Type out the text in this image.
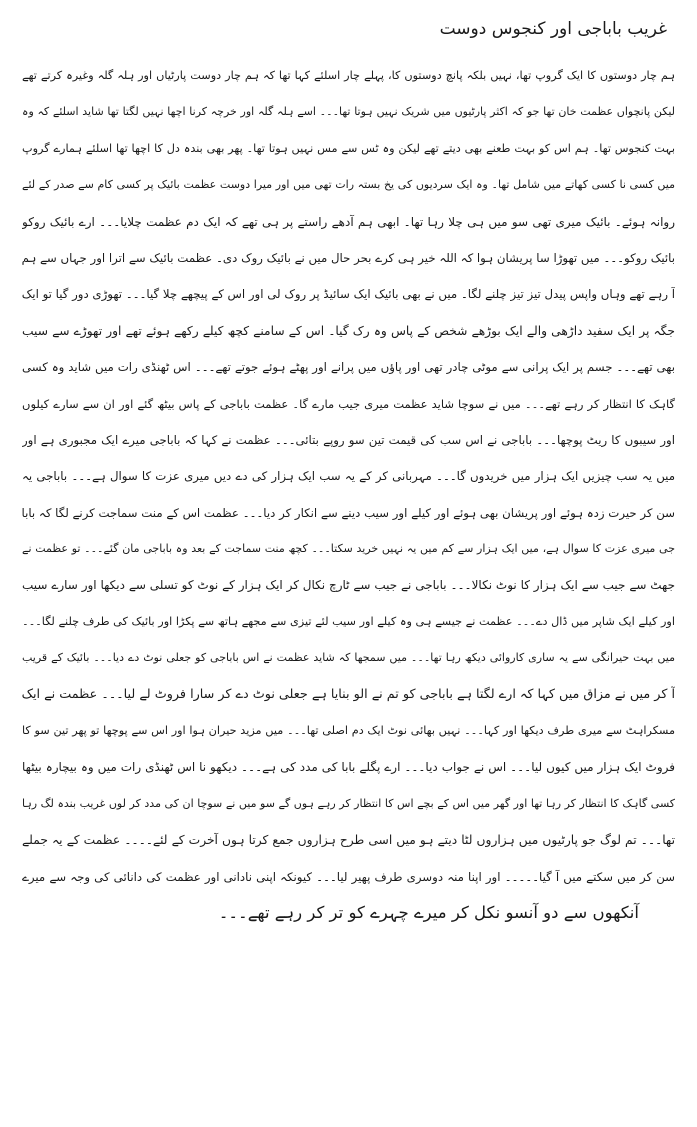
غریب باباجی اور کنجوس دوست
ہم چار دوستوں کا ایک گروپ تھا، نہیں بلکہ پانچ دوستوں کا، پہلے چار اسلئے کہا تھا کہ ہم چار دوست پارٹیاں اور ہلہ گلہ وغیرہ کرتے تھے
لیکن پانچواں عظمت خان تھا جو کہ اکثر پارٹیوں میں شریک نہیں ہوتا تھا۔۔۔ اسے ہلہ گلہ اور خرچہ کرنا اچھا نہیں لگتا تھا شاید اسلئے کہ وہ
بہت کنجوس تھا۔ ہم اس کو بہت طعنے بھی دیتے تھے لیکن وہ ٹس سے مس نہیں ہوتا تھا۔ پھر بھی بندہ دل کا اچھا تھا اسلئے ہمارے گروپ
میں کسی نا کسی کھاتے میں شامل تھا۔ وہ ایک سردیوں کی یخ بستہ رات تھی میں اور میرا دوست عظمت بائیک پر کسی کام سے صدر کے لئے
روانہ ہوئے۔ بائیک میری تھی سو میں ہی چلا رہا تھا۔ ابھی ہم آدھے راستے پر ہی تھے کہ ایک دم عظمت چلایا۔۔۔ ارے بائیک روکو
بائیک روکو۔۔۔ میں تھوڑا سا پریشان ہوا کہ اللہ خیر ہی کرے بحر حال میں نے بائیک روک دی۔ عظمت بائیک سے اترا اور جہاں سے ہم
آ رہے تھے وہاں واپس پیدل تیز تیز چلنے لگا۔ میں نے بھی بائیک ایک سائیڈ پر روک لی اور اس کے پیچھے چلا گیا۔۔۔ تھوڑی دور گیا تو ایک
جگہ پر ایک سفید داڑھی والے ایک بوڑھے شخص کے پاس وہ رک گیا۔ اس کے سامنے کچھ کیلے رکھے ہوئے تھے اور تھوڑے سے سیب
بھی تھے۔۔۔ جسم پر ایک پرانی سے موٹی چادر تھی اور پاؤں میں پرانے اور پھٹے ہوئے جوتے تھے۔۔۔ اس ٹھنڈی رات میں شاید وہ کسی
گاہک کا انتظار کر رہے تھے۔۔۔ میں نے سوچا شاید عظمت میری جیب مارے گا۔ عظمت باباجی کے پاس بیٹھ گئے اور ان سے سارے کیلوں
اور سیبوں کا ریٹ پوچھا۔۔۔ باباجی نے اس سب کی قیمت تین سو روپے بتائی۔۔۔ عظمت نے کہا کہ باباجی میرے ایک مجبوری ہے اور
میں یہ سب چیزیں ایک ہزار میں خریدوں گا۔۔۔ مہربانی کر کے یہ سب ایک ہزار کی دے دیں میری عزت کا سوال ہے۔۔۔ باباجی یہ
سن کر حیرت زدہ ہوئے اور پریشان بھی ہوئے اور کیلے اور سیب دینے سے انکار کر دیا۔۔۔ عظمت اس کے منت سماجت کرنے لگا کہ بابا
جی میری عزت کا سوال ہے، میں ایک ہزار سے کم میں یہ نہیں خرید سکتا۔۔۔ کچھ منت سماجت کے بعد وہ باباجی مان گئے۔۔۔ تو عظمت نے
جھٹ سے جیب سے ایک ہزار کا نوٹ نکالا۔۔۔ باباجی نے جیب سے ٹارچ نکال کر ایک ہزار کے نوٹ کو تسلی سے دیکھا اور سارے سیب
اور کیلے ایک شاپر میں ڈال دے۔۔۔ عظمت نے جیسے ہی وہ کیلے اور سیب لئے تیزی سے مجھے ہاتھ سے پکڑا اور بائیک کی طرف چلنے لگا۔۔۔
میں بہت حیرانگی سے یہ ساری کاروائی دیکھ رہا تھا۔۔۔ میں سمجھا کہ شاید عظمت نے اس باباجی کو جعلی نوٹ دے دیا۔۔۔ بائیک کے قریب
آ کر میں نے مزاق میں کہا کہ ارے لگتا ہے باباجی کو تم نے الو بنایا ہے جعلی نوٹ دے کر سارا فروٹ لے لیا۔۔۔ عظمت نے ایک
مسکراہٹ سے میری طرف دیکھا اور کہا۔۔۔ نہیں بھائی نوٹ ایک دم اصلی تھا۔۔۔ میں مزید حیران ہوا اور اس سے پوچھا تو پھر تین سو کا
فروٹ ایک ہزار میں کیوں لیا۔۔۔ اس نے جواب دیا۔۔۔ ارے پگلے بابا کی مدد کی ہے۔۔۔ دیکھو نا اس ٹھنڈی رات میں وہ بیچارہ بیٹھا
کسی گاہک کا انتظار کر رہا تھا اور گھر میں اس کے بچے اس کا انتظار کر رہے ہوں گے سو میں نے سوچا ان کی مدد کر لوں غریب بندہ لگ رہا
تھا۔۔۔ تم لوگ جو پارٹیوں میں ہزاروں لٹا دیتے ہو میں اسی طرح ہزاروں جمع کرتا ہوں آخرت کے لئے۔۔۔۔ عظمت کے یہ جملے
سن کر میں سکتے میں آ گیا۔۔۔۔۔ اور اپنا منہ دوسری طرف پھیر لیا۔۔۔ کیونکہ اپنی نادانی اور عظمت کی دانائی کی وجہ سے میرے
آنکھوں سے دو آنسو نکل کر میرے چہرے کو تر کر رہے تھے۔۔۔
